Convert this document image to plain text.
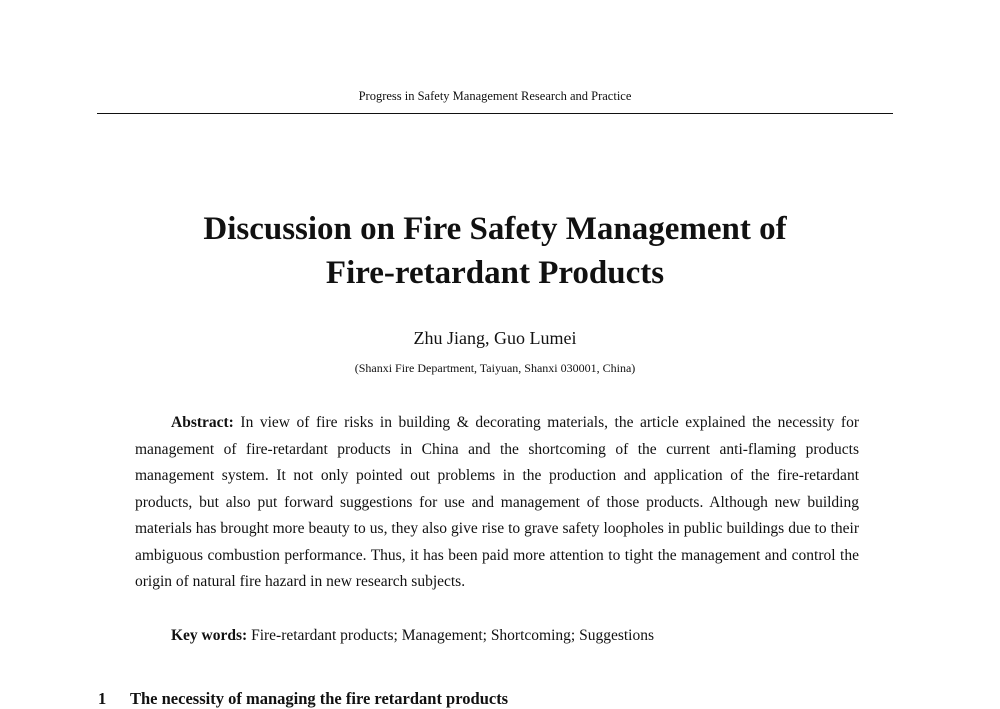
Progress in Safety Management Research and Practice
Discussion on Fire Safety Management of
Fire-retardant Products
Zhu Jiang, Guo Lumei
(Shanxi Fire Department, Taiyuan, Shanxi 030001, China)

Abstract: In view of fire risks in building & decorating materials, the article explained the necessity for management of fire-retardant products in China and the shortcoming of the current anti-flaming products management system. It not only pointed out problems in the production and application of the fire-retardant products, but also put forward suggestions for use and management of those products. Although new building materials has brought more beauty to us, they also give rise to grave safety loopholes in public buildings due to their ambiguous combustion performance. Thus, it has been paid more attention to tight the management and control the origin of natural fire hazard in new research subjects.

Key words: Fire-retardant products; Management; Shortcoming; Suggestions
1 The necessity of managing the fire retardant products
